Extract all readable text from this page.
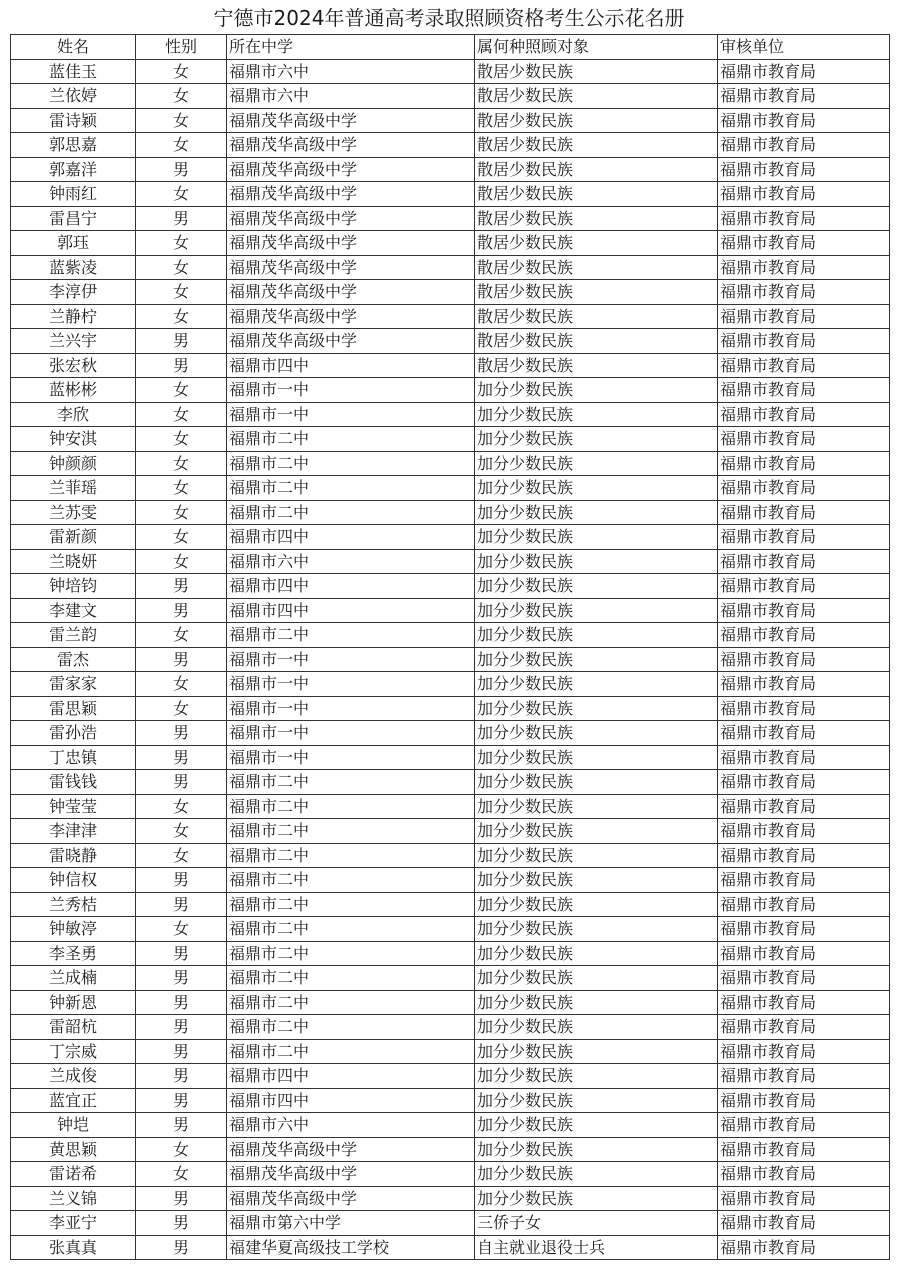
宁德市2024年普通高考录取照顾资格考生公示花名册
姓名	性别	所在中学	属何种照顾对象	审核单位
蓝佳玉	女	福鼎市六中	散居少数民族	福鼎市教育局
兰依婷	女	福鼎市六中	散居少数民族	福鼎市教育局
雷诗颖	女	福鼎茂华高级中学	散居少数民族	福鼎市教育局
郭思嘉	女	福鼎茂华高级中学	散居少数民族	福鼎市教育局
郭嘉洋	男	福鼎茂华高级中学	散居少数民族	福鼎市教育局
钟雨红	女	福鼎茂华高级中学	散居少数民族	福鼎市教育局
雷昌宁	男	福鼎茂华高级中学	散居少数民族	福鼎市教育局
郭珏	女	福鼎茂华高级中学	散居少数民族	福鼎市教育局
蓝紫凌	女	福鼎茂华高级中学	散居少数民族	福鼎市教育局
李淳伊	女	福鼎茂华高级中学	散居少数民族	福鼎市教育局
兰静柠	女	福鼎茂华高级中学	散居少数民族	福鼎市教育局
兰兴宇	男	福鼎茂华高级中学	散居少数民族	福鼎市教育局
张宏秋	男	福鼎市四中	散居少数民族	福鼎市教育局
蓝彬彬	女	福鼎市一中	加分少数民族	福鼎市教育局
李欣	女	福鼎市一中	加分少数民族	福鼎市教育局
钟安淇	女	福鼎市二中	加分少数民族	福鼎市教育局
钟颜颜	女	福鼎市二中	加分少数民族	福鼎市教育局
兰菲瑶	女	福鼎市二中	加分少数民族	福鼎市教育局
兰苏雯	女	福鼎市二中	加分少数民族	福鼎市教育局
雷新颜	女	福鼎市四中	加分少数民族	福鼎市教育局
兰晓妍	女	福鼎市六中	加分少数民族	福鼎市教育局
钟培钧	男	福鼎市四中	加分少数民族	福鼎市教育局
李建文	男	福鼎市四中	加分少数民族	福鼎市教育局
雷兰韵	女	福鼎市二中	加分少数民族	福鼎市教育局
雷杰	男	福鼎市一中	加分少数民族	福鼎市教育局
雷家家	女	福鼎市一中	加分少数民族	福鼎市教育局
雷思颖	女	福鼎市一中	加分少数民族	福鼎市教育局
雷孙浩	男	福鼎市一中	加分少数民族	福鼎市教育局
丁忠镇	男	福鼎市一中	加分少数民族	福鼎市教育局
雷钱钱	男	福鼎市二中	加分少数民族	福鼎市教育局
钟莹莹	女	福鼎市二中	加分少数民族	福鼎市教育局
李津津	女	福鼎市二中	加分少数民族	福鼎市教育局
雷晓静	女	福鼎市二中	加分少数民族	福鼎市教育局
钟信权	男	福鼎市二中	加分少数民族	福鼎市教育局
兰秀桔	男	福鼎市二中	加分少数民族	福鼎市教育局
钟敏渟	女	福鼎市二中	加分少数民族	福鼎市教育局
李圣勇	男	福鼎市二中	加分少数民族	福鼎市教育局
兰成楠	男	福鼎市二中	加分少数民族	福鼎市教育局
钟新恩	男	福鼎市二中	加分少数民族	福鼎市教育局
雷韶杭	男	福鼎市二中	加分少数民族	福鼎市教育局
丁宗威	男	福鼎市二中	加分少数民族	福鼎市教育局
兰成俊	男	福鼎市四中	加分少数民族	福鼎市教育局
蓝宜正	男	福鼎市四中	加分少数民族	福鼎市教育局
钟垲	男	福鼎市六中	加分少数民族	福鼎市教育局
黄思颖	女	福鼎茂华高级中学	加分少数民族	福鼎市教育局
雷诺希	女	福鼎茂华高级中学	加分少数民族	福鼎市教育局
兰义锦	男	福鼎茂华高级中学	加分少数民族	福鼎市教育局
李亚宁	男	福鼎市第六中学	三侨子女	福鼎市教育局
张真真	男	福建华夏高级技工学校	自主就业退役士兵	福鼎市教育局
